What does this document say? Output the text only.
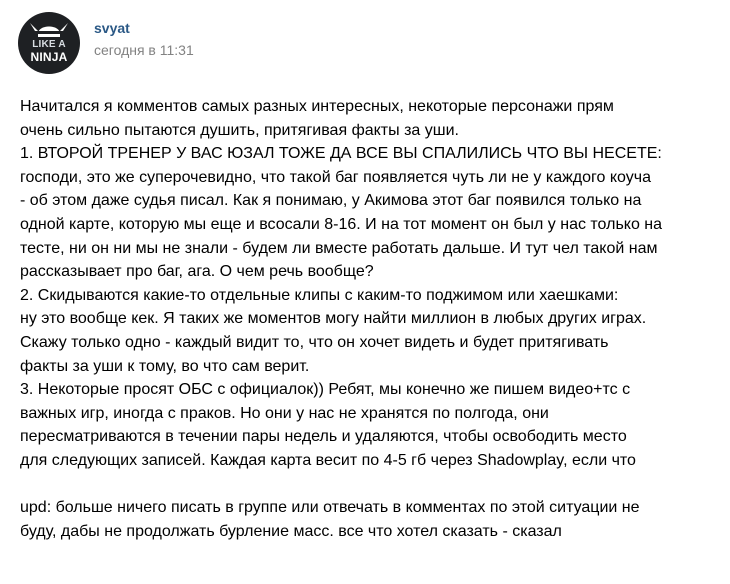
LIKE A
NINJA
svyat
сегодня в 11:31
Начитался я комментов самых разных интересных, некоторые персонажи прям
очень сильно пытаются душить, притягивая факты за уши.
1. ВТОРОЙ ТРЕНЕР У ВАС ЮЗАЛ ТОЖЕ ДА ВСЕ ВЫ СПАЛИЛИСЬ ЧТО ВЫ НЕСЕТЕ:
господи, это же суперочевидно, что такой баг появляется чуть ли не у каждого коуча
- об этом даже судья писал. Как я понимаю, у Акимова этот баг появился только на
одной карте, которую мы еще и всосали 8-16. И на тот момент он был у нас только на
тесте, ни он ни мы не знали - будем ли вместе работать дальше. И тут чел такой нам
рассказывает про баг, ага. О чем речь вообще?
2. Скидываются какие-то отдельные клипы с каким-то поджимом или хаешками:
ну это вообще кек. Я таких же моментов могу найти миллион в любых других играх.
Скажу только одно - каждый видит то, что он хочет видеть и будет притягивать
факты за уши к тому, во что сам верит.
3. Некоторые просят ОБС с официалок)) Ребят, мы конечно же пишем видео+тс с
важных игр, иногда с праков. Но они у нас не хранятся по полгода, они
пересматриваются в течении пары недель и удаляются, чтобы освободить место
для следующих записей. Каждая карта весит по 4-5 гб через Shadowplay, если что
upd: больше ничего писать в группе или отвечать в комментах по этой ситуации не
буду, дабы не продолжать бурление масс. все что хотел сказать - сказал
